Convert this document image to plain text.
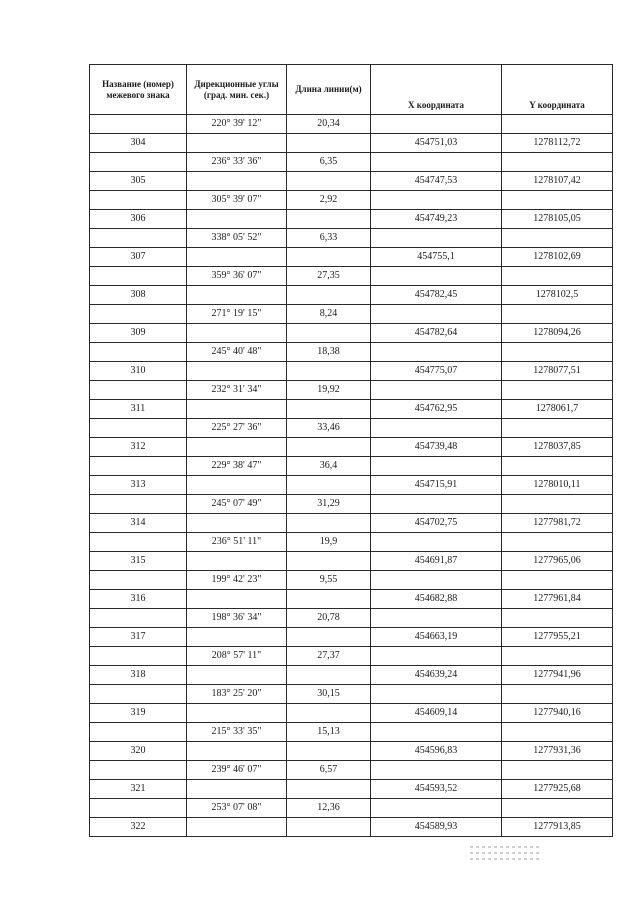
Название (номер) межевого знака	Дирекционные углы (град. мин. сек.)	Длина линии(м)	X координата	Y координата
	220° 39' 12"	20,34		
304			454751,03	1278112,72
	236° 33' 36"	6,35		
305			454747,53	1278107,42
	305° 39' 07"	2,92		
306			454749,23	1278105,05
	338° 05' 52"	6,33		
307			454755,1	1278102,69
	359° 36' 07"	27,35		
308			454782,45	1278102,5
	271° 19' 15"	8,24		
309			454782,64	1278094,26
	245° 40' 48"	18,38		
310			454775,07	1278077,51
	232° 31' 34"	19,92		
311			454762,95	1278061,7
	225° 27' 36"	33,46		
312			454739,48	1278037,85
	229° 38' 47"	36,4		
313			454715,91	1278010,11
	245° 07' 49"	31,29		
314			454702,75	1277981,72
	236° 51' 11"	19,9		
315			454691,87	1277965,06
	199° 42' 23"	9,55		
316			454682,88	1277961,84
	198° 36' 34"	20,78		
317			454663,19	1277955,21
	208° 57' 11"	27,37		
318			454639,24	1277941,96
	183° 25' 20"	30,15		
319			454609,14	1277940,16
	215° 33' 35"	15,13		
320			454596,83	1277931,36
	239° 46' 07"	6,57		
321			454593,52	1277925,68
	253° 07' 08"	12,36		
322			454589,93	1277913,85
